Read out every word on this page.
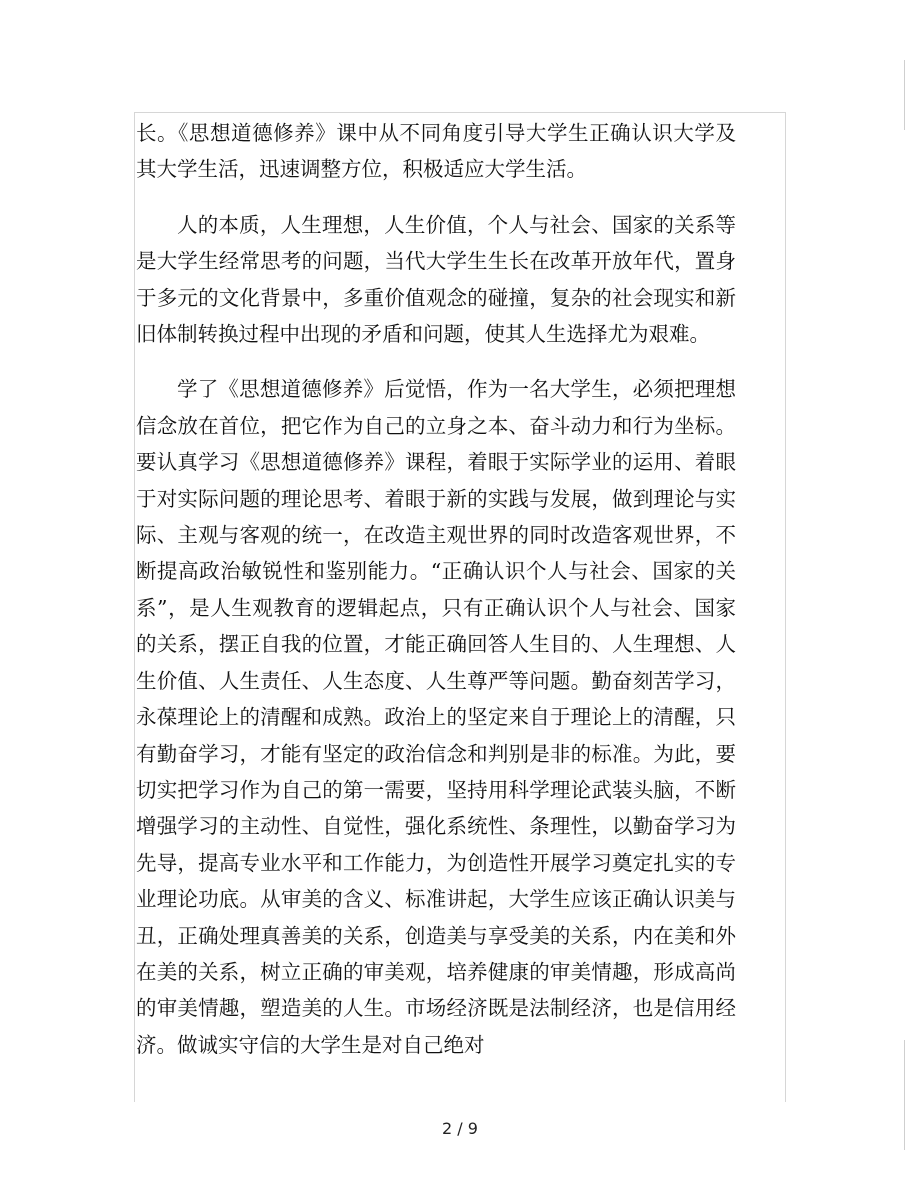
长。《思想道德修养》课中从不同角度引导大学生正确认识大学及其大学生活，迅速调整方位，积极适应大学生活。

人的本质，人生理想，人生价值，个人与社会、国家的关系等是大学生经常思考的问题，当代大学生生长在改革开放年代，置身于多元的文化背景中，多重价值观念的碰撞，复杂的社会现实和新旧体制转换过程中出现的矛盾和问题，使其人生选择尤为艰难。

学了《思想道德修养》后觉悟，作为一名大学生，必须把理想信念放在首位，把它作为自己的立身之本、奋斗动力和行为坐标。要认真学习《思想道德修养》课程，着眼于实际学业的运用、着眼于对实际问题的理论思考、着眼于新的实践与发展，做到理论与实际、主观与客观的统一，在改造主观世界的同时改造客观世界，不断提高政治敏锐性和鉴别能力。“正确认识个人与社会、国家的关系”，是人生观教育的逻辑起点，只有正确认识个人与社会、国家的关系，摆正自我的位置，才能正确回答人生目的、人生理想、人生价值、人生责任、人生态度、人生尊严等问题。勤奋刻苦学习，永葆理论上的清醒和成熟。政治上的坚定来自于理论上的清醒，只有勤奋学习，才能有坚定的政治信念和判别是非的标准。为此，要切实把学习作为自己的第一需要，坚持用科学理论武装头脑，不断增强学习的主动性、自觉性，强化系统性、条理性，以勤奋学习为先导，提高专业水平和工作能力，为创造性开展学习奠定扎实的专业理论功底。从审美的含义、标准讲起，大学生应该正确认识美与丑，正确处理真善美的关系，创造美与享受美的关系，内在美和外在美的关系，树立正确的审美观，培养健康的审美情趣，形成高尚的审美情趣，塑造美的人生。市场经济既是法制经济，也是信用经济。做诚实守信的大学生是对自己绝对

2 / 9
